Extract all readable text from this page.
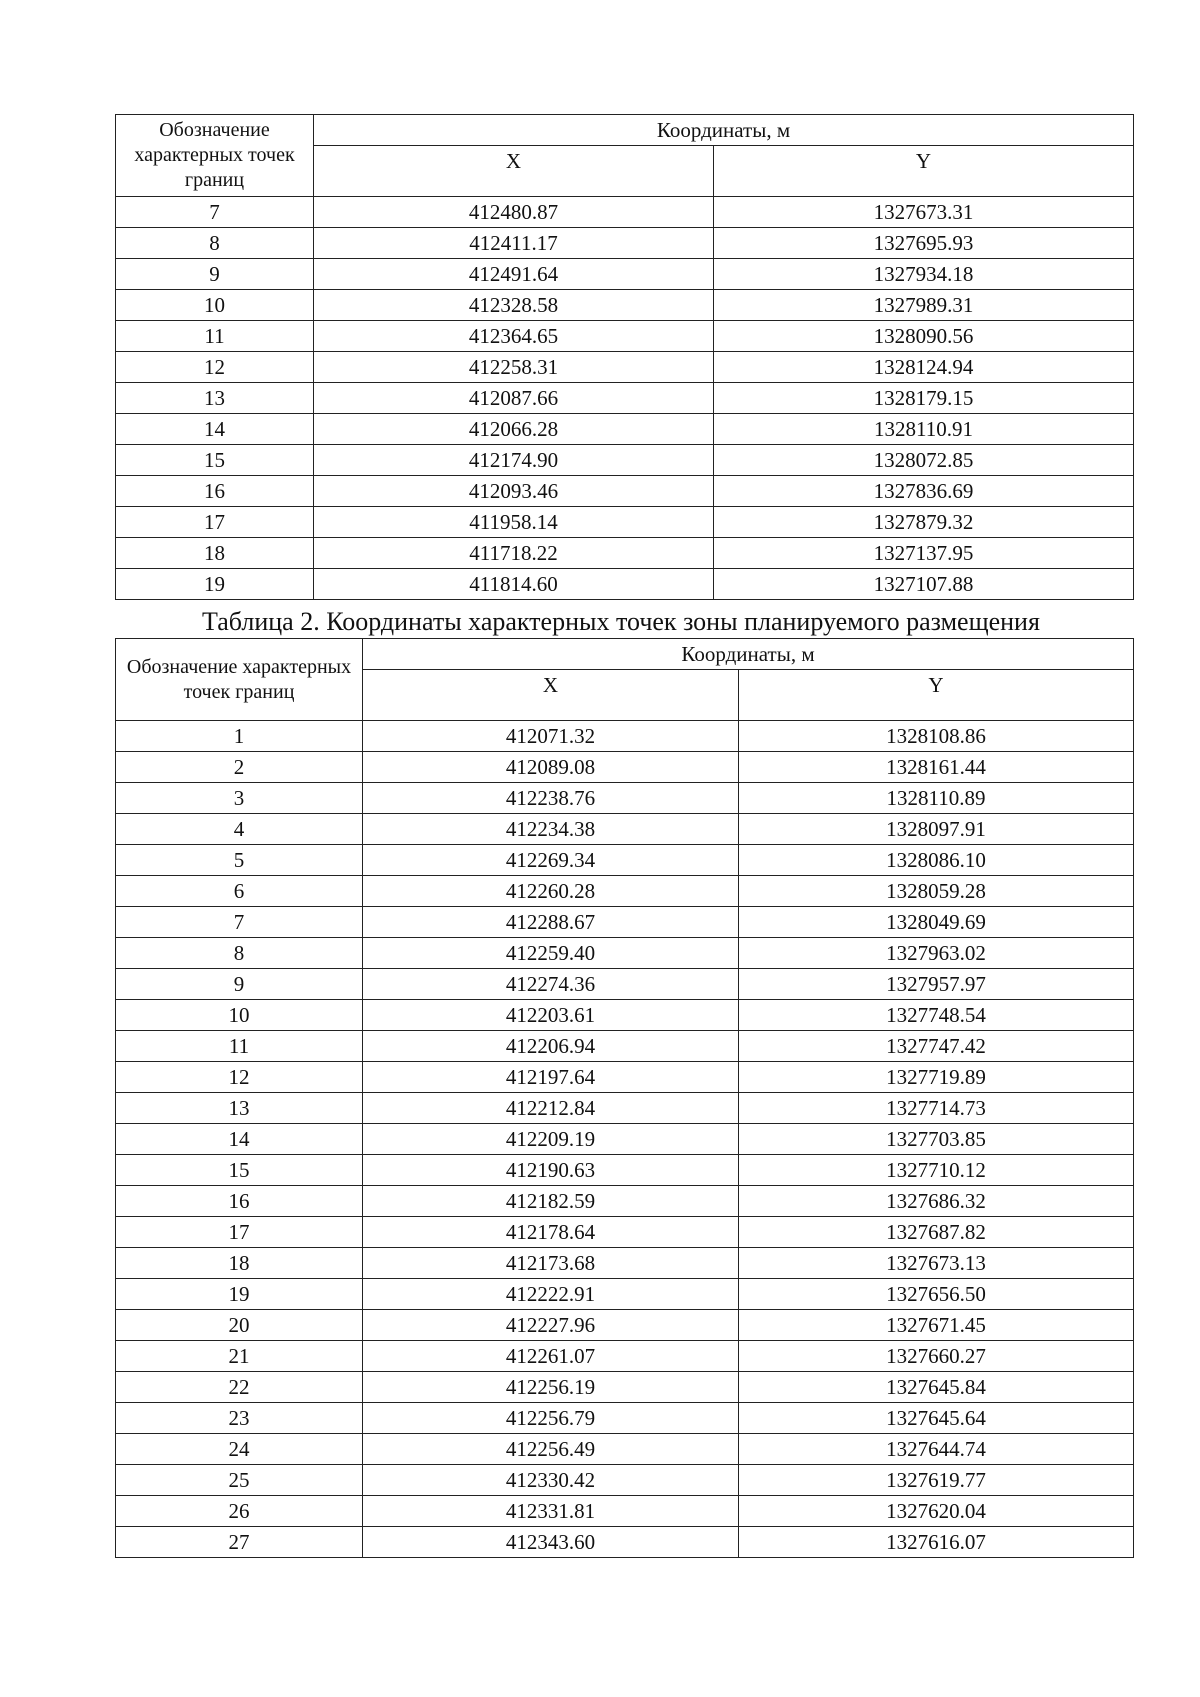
Обозначение характерных точек границ	Координаты, м	
	X	Y
7	412480.87	1327673.31
8	412411.17	1327695.93
9	412491.64	1327934.18
10	412328.58	1327989.31
11	412364.65	1328090.56
12	412258.31	1328124.94
13	412087.66	1328179.15
14	412066.28	1328110.91
15	412174.90	1328072.85
16	412093.46	1327836.69
17	411958.14	1327879.32
18	411718.22	1327137.95
19	411814.60	1327107.88
Таблица 2. Координаты характерных точек зоны планируемого размещения
Обозначение характерных точек границ	Координаты, м	
	X	Y
1	412071.32	1328108.86
2	412089.08	1328161.44
3	412238.76	1328110.89
4	412234.38	1328097.91
5	412269.34	1328086.10
6	412260.28	1328059.28
7	412288.67	1328049.69
8	412259.40	1327963.02
9	412274.36	1327957.97
10	412203.61	1327748.54
11	412206.94	1327747.42
12	412197.64	1327719.89
13	412212.84	1327714.73
14	412209.19	1327703.85
15	412190.63	1327710.12
16	412182.59	1327686.32
17	412178.64	1327687.82
18	412173.68	1327673.13
19	412222.91	1327656.50
20	412227.96	1327671.45
21	412261.07	1327660.27
22	412256.19	1327645.84
23	412256.79	1327645.64
24	412256.49	1327644.74
25	412330.42	1327619.77
26	412331.81	1327620.04
27	412343.60	1327616.07
